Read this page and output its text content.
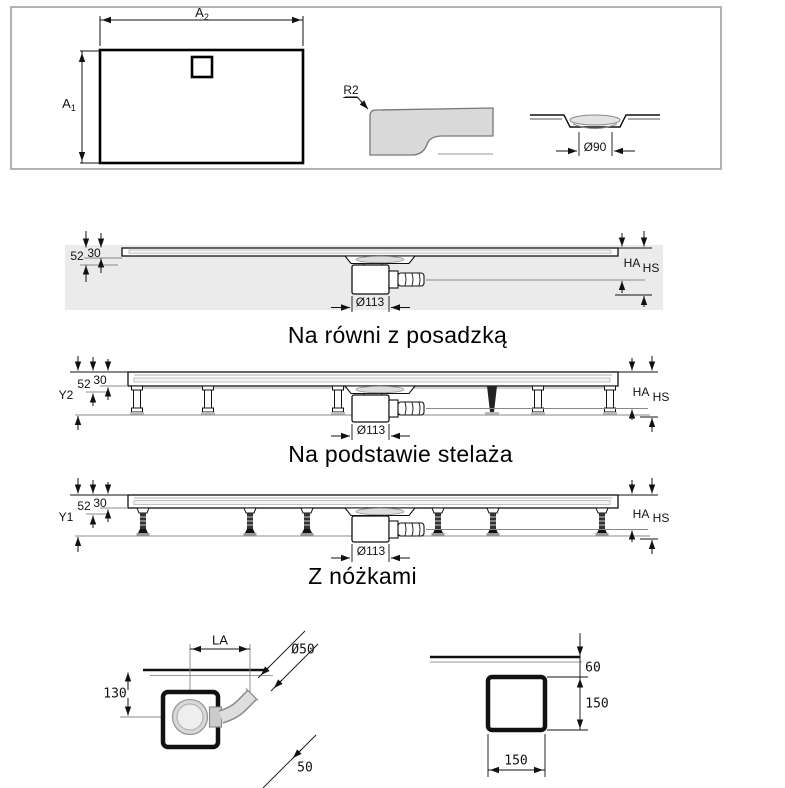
$A_2$
$A_1$
R2
Ø90
52 30
Ø113
HA HS
Na równi z posadzką
Y2
52 30
Ø113
HA HS
Na podstawie stelaża
Y1
52 30
Ø113
HA HS
Z nóżkami
LA
130
Ø50
50
60
150
150
